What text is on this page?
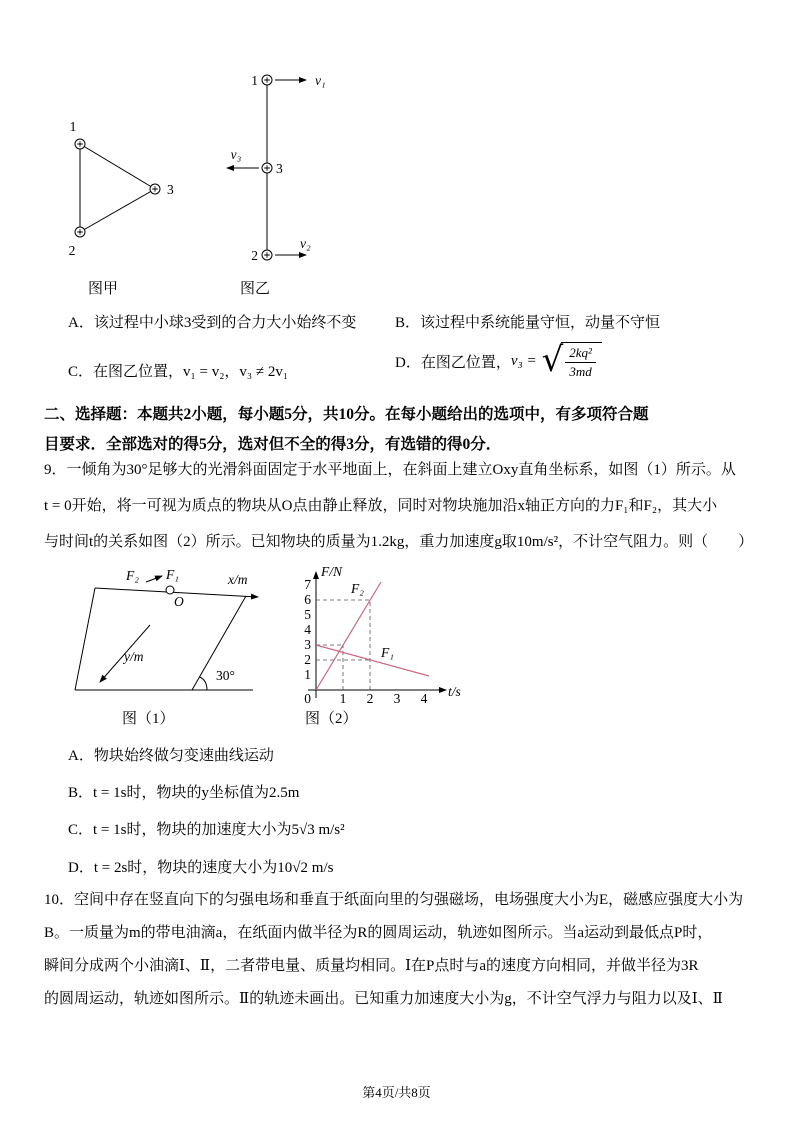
1
2
3
v₁
v₃
v₂
1
3
2
图甲	图乙
A．该过程中小球3受到的合力大小始终不变	B．该过程中系统能量守恒，动量不守恒
C．在图乙位置，v₁ = v₂，v₃ ≠ 2v₁
D．在图乙位置， v₃ = √ $\frac{\text{2kq²}}{3md}$
二、选择题：本题共2小题，每小题5分，共10分。在每小题给出的选项中，有多项符合题
目要求．全部选对的得5分，选对但不全的得3分，有选错的得0分．
9．一倾角为30°足够大的光滑斜面固定于水平地面上，在斜面上建立Oxy直角坐标系，如图（1）所示。从
t = 0开始，将一可视为质点的物块从O点由静止释放，同时对物块施加沿x轴正方向的力F₁和F₂，其大小
与时间t的关系如图（2）所示。已知物块的质量为1.2kg，重力加速度g取10m/s²，不计空气阻力。则（　　）
F₂ F₁
O
x/m
y/m
30°
F/N
t/s
0
F₂
F₁
1
2
3
4
5
6
7
1 2 3 4
图（1）	图（2）
A．物块始终做匀变速曲线运动
B．t = 1s时，物块的y坐标值为2.5m
C．t = 1s时，物块的加速度大小为5√3 m/s²
D．t = 2s时，物块的速度大小为10√2 m/s
10．空间中存在竖直向下的匀强电场和垂直于纸面向里的匀强磁场，电场强度大小为E，磁感应强度大小为
B。一质量为m的带电油滴a，在纸面内做半径为R的圆周运动，轨迹如图所示。当a运动到最低点P时，
瞬间分成两个小油滴Ⅰ、Ⅱ，二者带电量、质量均相同。Ⅰ在P点时与a的速度方向相同，并做半径为3R
的圆周运动，轨迹如图所示。Ⅱ的轨迹未画出。已知重力加速度大小为g，不计空气浮力与阻力以及Ⅰ、Ⅱ
第4页/共8页
